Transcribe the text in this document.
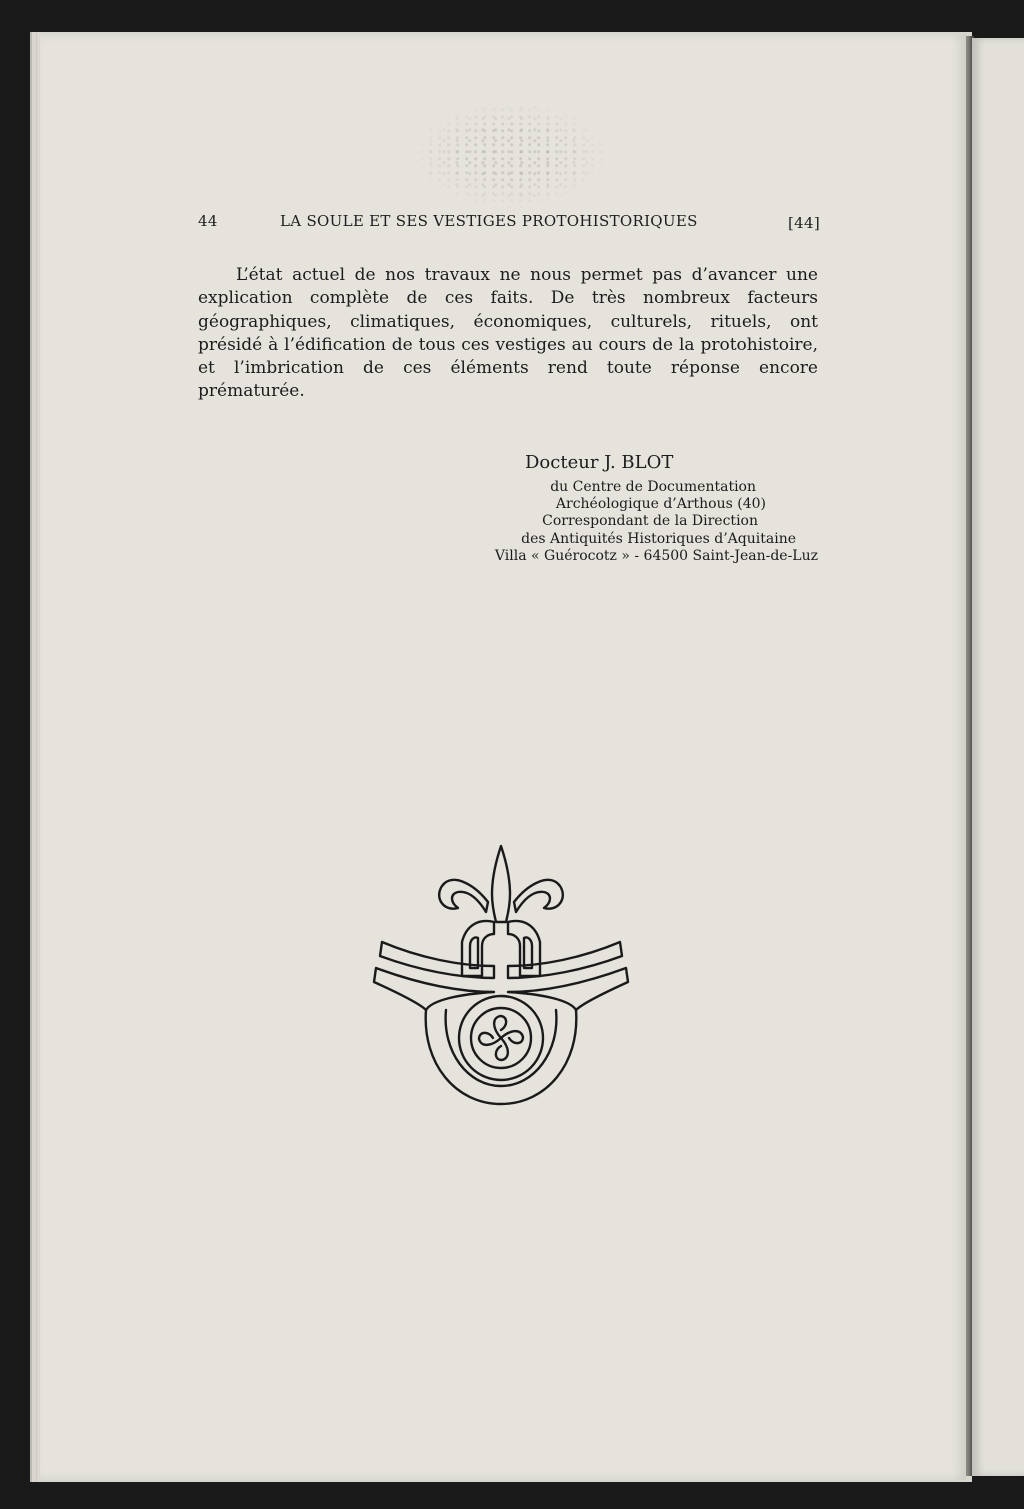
44	LA SOULE ET SES VESTIGES PROTOHISTORIQUES	[44]

L’état actuel de nos travaux ne nous permet pas d’avancer une explication complète de ces faits. De très nombreux facteurs géographiques, climatiques, économiques, culturels, rituels, ont présidé à l’édification de tous ces vestiges au cours de la protohistoire, et l’imbrication de ces éléments rend toute réponse encore prématurée.

Docteur J. BLOT
du Centre de Documentation
Archéologique d’Arthous (40)
Correspondant de la Direction
des Antiquités Historiques d’Aquitaine
Villa « Guérocotz » - 64500 Saint-Jean-de-Luz
